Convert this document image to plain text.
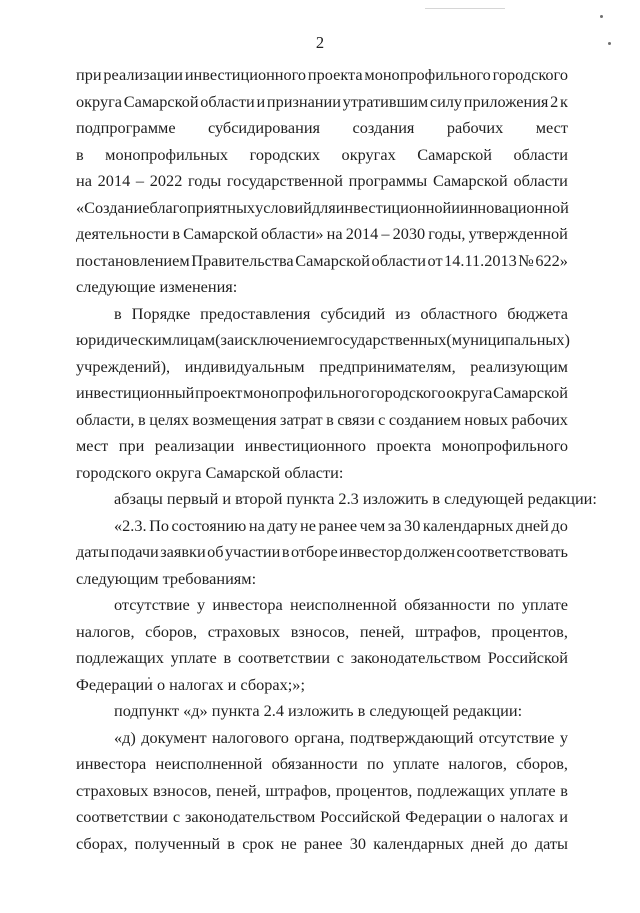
2
при реализации инвестиционного проекта монопрофильного городского
округа Самарской области и признании утратившим силу приложения 2 к
подпрограмме субсидирования создания рабочих мест
в монопрофильных городских округах Самарской области
на 2014 – 2022 годы государственной программы Самарской области
«Создание благоприятных условий для инвестиционной и инновационной
деятельности в Самарской области» на 2014 – 2030 годы, утвержденной
постановлением Правительства Самарской области от 14.11.2013 № 622»
следующие изменения:
в Порядке предоставления субсидий из областного бюджета
юридическим лицам (за исключением государственных (муниципальных)
учреждений), индивидуальным предпринимателям, реализующим
инвестиционный проект монопрофильного городского округа Самарской
области, в целях возмещения затрат в связи с созданием новых рабочих
мест при реализации инвестиционного проекта монопрофильного
городского округа Самарской области:
абзацы первый и второй пункта 2.3 изложить в следующей редакции:
«2.3. По состоянию на дату не ранее чем за 30 календарных дней до
даты подачи заявки об участии в отборе инвестор должен соответствовать
следующим требованиям:
отсутствие у инвестора неисполненной обязанности по уплате
налогов, сборов, страховых взносов, пеней, штрафов, процентов,
подлежащих уплате в соответствии с законодательством Российской
Федерации о налогах и сборах;»;
подпункт «д» пункта 2.4 изложить в следующей редакции:
«д) документ налогового органа, подтверждающий отсутствие у
инвестора неисполненной обязанности по уплате налогов, сборов,
страховых взносов, пеней, штрафов, процентов, подлежащих уплате в
соответствии с законодательством Российской Федерации о налогах и
сборах, полученный в срок не ранее 30 календарных дней до даты
